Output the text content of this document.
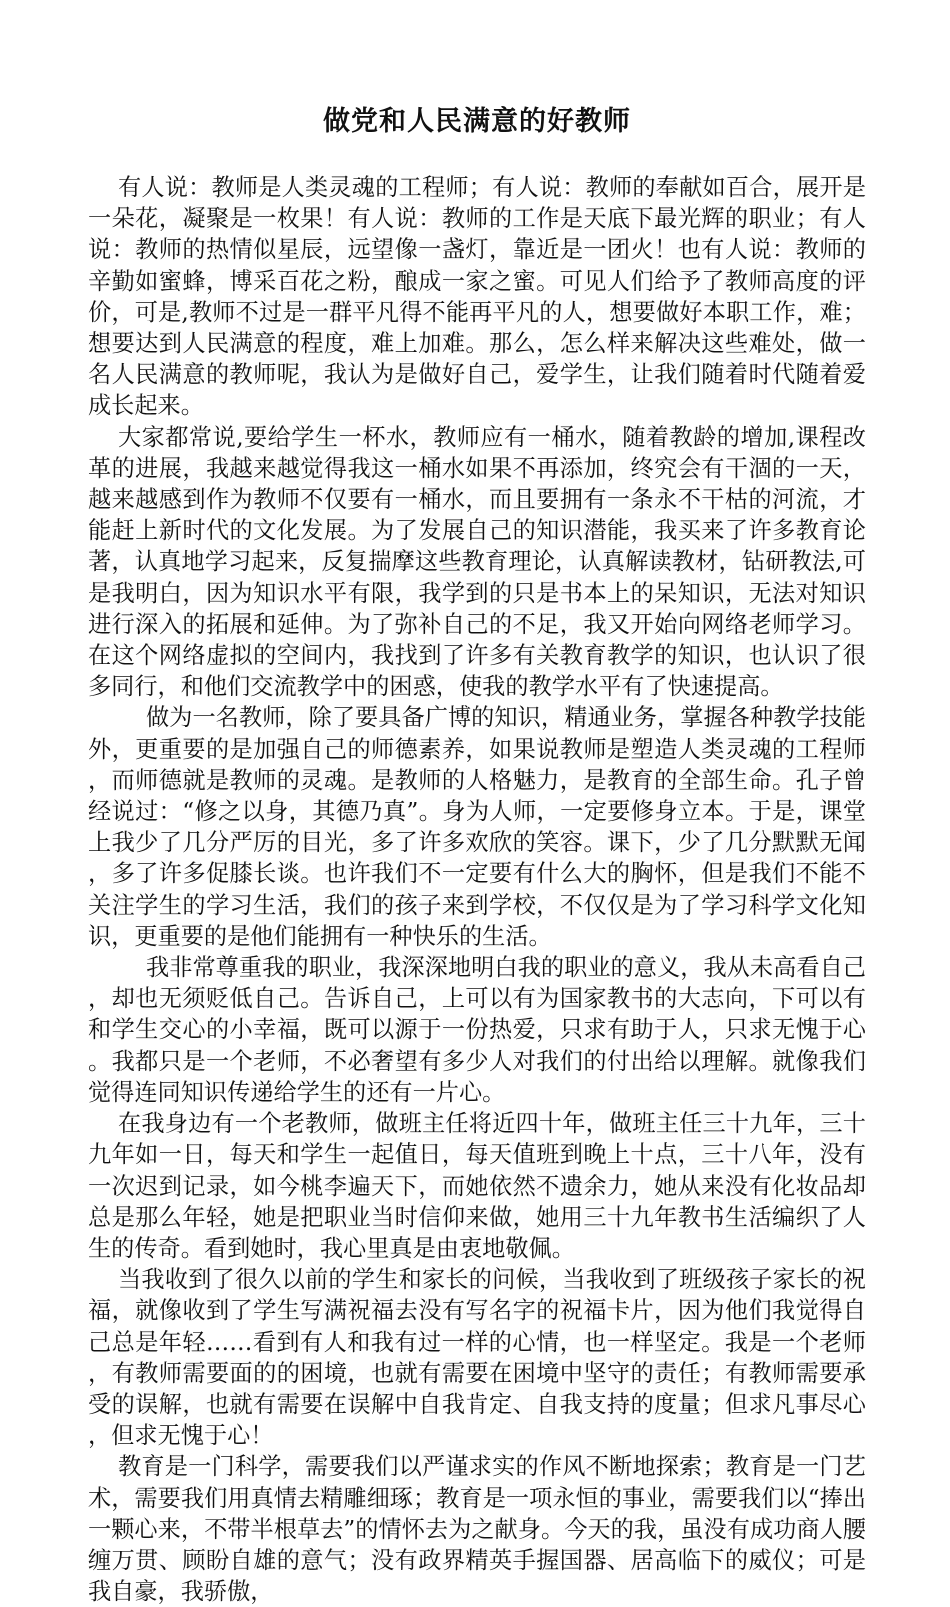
做党和人民满意的好教师

有人说：教师是人类灵魂的工程师；有人说：教师的奉献如百合，展开是一朵花，凝聚是一枚果！有人说：教师的工作是天底下最光辉的职业；有人说：教师的热情似星辰，远望像一盏灯，靠近是一团火！也有人说：教师的辛勤如蜜蜂，博采百花之粉，酿成一家之蜜。可见人们给予了教师高度的评价，可是,教师不过是一群平凡得不能再平凡的人，想要做好本职工作，难；想要达到人民满意的程度，难上加难。那么，怎么样来解决这些难处，做一名人民满意的教师呢，我认为是做好自己，爱学生，让我们随着时代随着爱成长起来。

大家都常说,要给学生一杯水，教师应有一桶水，随着教龄的增加,课程改革的进展，我越来越觉得我这一桶水如果不再添加，终究会有干涸的一天，越来越感到作为教师不仅要有一桶水，而且要拥有一条永不干枯的河流，才能赶上新时代的文化发展。为了发展自己的知识潜能，我买来了许多教育论著，认真地学习起来，反复揣摩这些教育理论，认真解读教材，钻研教法,可是我明白，因为知识水平有限，我学到的只是书本上的呆知识，无法对知识进行深入的拓展和延伸。为了弥补自己的不足，我又开始向网络老师学习。在这个网络虚拟的空间内，我找到了许多有关教育教学的知识，也认识了很多同行，和他们交流教学中的困惑，使我的教学水平有了快速提高。

做为一名教师，除了要具备广博的知识，精通业务，掌握各种教学技能外，更重要的是加强自己的师德素养，如果说教师是塑造人类灵魂的工程师，而师德就是教师的灵魂。是教师的人格魅力，是教育的全部生命。孔子曾经说过：“修之以身，其德乃真”。身为人师，一定要修身立本。于是，课堂上我少了几分严厉的目光，多了许多欢欣的笑容。课下，少了几分默默无闻，多了许多促膝长谈。也许我们不一定要有什么大的胸怀，但是我们不能不关注学生的学习生活，我们的孩子来到学校，不仅仅是为了学习科学文化知识，更重要的是他们能拥有一种快乐的生活。

我非常尊重我的职业，我深深地明白我的职业的意义，我从未高看自己，却也无须贬低自己。告诉自己，上可以有为国家教书的大志向，下可以有和学生交心的小幸福，既可以源于一份热爱，只求有助于人，只求无愧于心。我都只是一个老师，不必奢望有多少人对我们的付出给以理解。就像我们觉得连同知识传递给学生的还有一片心。

在我身边有一个老教师，做班主任将近四十年，做班主任三十九年，三十九年如一日，每天和学生一起值日，每天值班到晚上十点，三十八年，没有一次迟到记录，如今桃李遍天下，而她依然不遗余力，她从来没有化妆品却总是那么年轻，她是把职业当时信仰来做，她用三十九年教书生活编织了人生的传奇。看到她时，我心里真是由衷地敬佩。

当我收到了很久以前的学生和家长的问候，当我收到了班级孩子家长的祝福，就像收到了学生写满祝福去没有写名字的祝福卡片，因为他们我觉得自己总是年轻……看到有人和我有过一样的心情，也一样坚定。我是一个老师，有教师需要面的的困境，也就有需要在困境中坚守的责任；有教师需要承受的误解，也就有需要在误解中自我肯定、自我支持的度量；但求凡事尽心，但求无愧于心！

教育是一门科学，需要我们以严谨求实的作风不断地探索；教育是一门艺术，需要我们用真情去精雕细琢；教育是一项永恒的事业，需要我们以“捧出一颗心来，不带半根草去”的情怀去为之献身。今天的我，虽没有成功商人腰缠万贯、顾盼自雄的意气；没有政界精英手握国器、居高临下的威仪；可是我自豪，我骄傲，
